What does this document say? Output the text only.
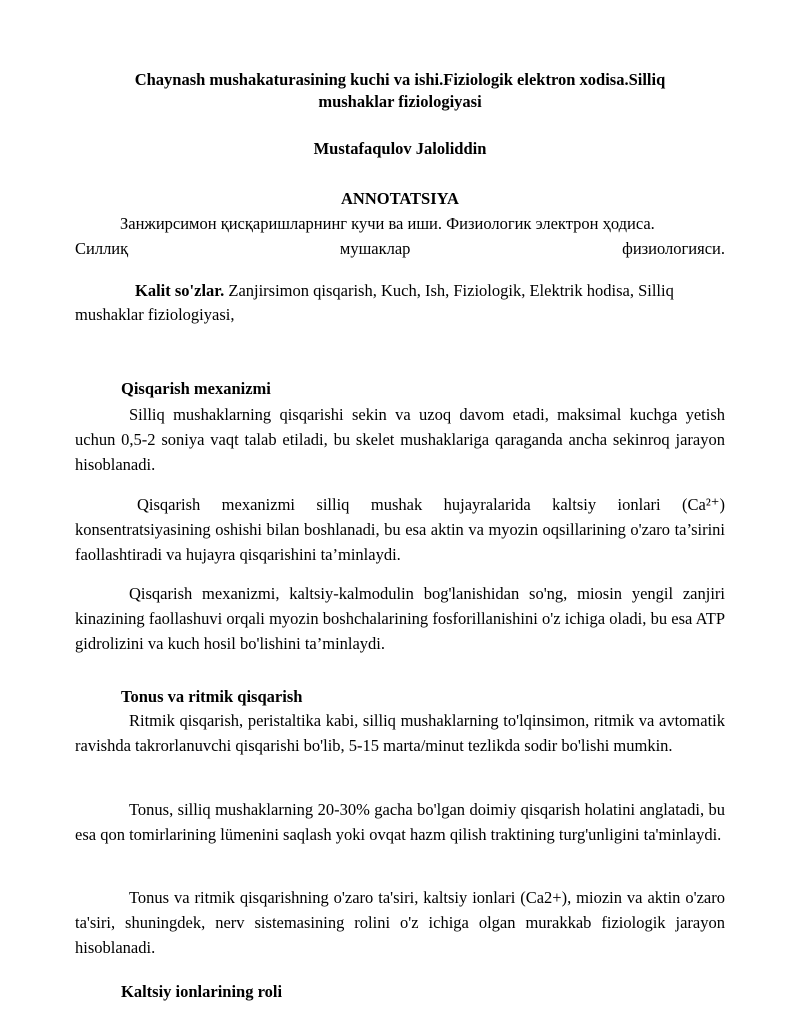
Chaynash mushakaturasining kuchi va ishi.Fiziologik elektron xodisa.Silliq
mushaklar fiziologiyasi
Mustafaqulov Jaloliddin
ANNOTATSIYA
Занжирсимон қисқаришларнинг кучи ва иши. Физиологик электрон ҳодиса.
Силлиқ	мушаклар	физиологияси.
Kalit so'zlar. Zanjirsimon qisqarish, Kuch, Ish, Fiziologik, Elektrik hodisa, Silliq mushaklar fiziologiyasi,
Qisqarish mexanizmi
Silliq mushaklarning qisqarishi sekin va uzoq davom etadi, maksimal kuchga yetish uchun 0,5-2 soniya vaqt talab etiladi, bu skelet mushaklariga qaraganda ancha sekinroq jarayon hisoblanadi.
Qisqarish mexanizmi silliq mushak hujayralarida kaltsiy ionlari (Ca²⁺) konsentratsiyasining oshishi bilan boshlanadi, bu esa aktin va myozin oqsillarining o'zaro ta’sirini faollashtiradi va hujayra qisqarishini ta’minlaydi.
Qisqarish mexanizmi, kaltsiy-kalmodulin bog'lanishidan so'ng, miosin yengil zanjiri kinazining faollashuvi orqali myozin boshchalarining fosforillanishini o'z ichiga oladi, bu esa ATP gidrolizini va kuch hosil bo'lishini ta’minlaydi.
Tonus va ritmik qisqarish
Ritmik qisqarish, peristaltika kabi, silliq mushaklarning to'lqinsimon, ritmik va avtomatik ravishda takrorlanuvchi qisqarishi bo'lib, 5-15 marta/minut tezlikda sodir bo'lishi mumkin.
Tonus, silliq mushaklarning 20-30% gacha bo'lgan doimiy qisqarish holatini anglatadi, bu esa qon tomirlarining lümenini saqlash yoki ovqat hazm qilish traktining turg'unligini ta'minlaydi.
Tonus va ritmik qisqarishning o'zaro ta'siri, kaltsiy ionlari (Ca2+), miozin va aktin o'zaro ta'siri, shuningdek, nerv sistemasining rolini o'z ichiga olgan murakkab fiziologik jarayon hisoblanadi.
Kaltsiy ionlarining roli
